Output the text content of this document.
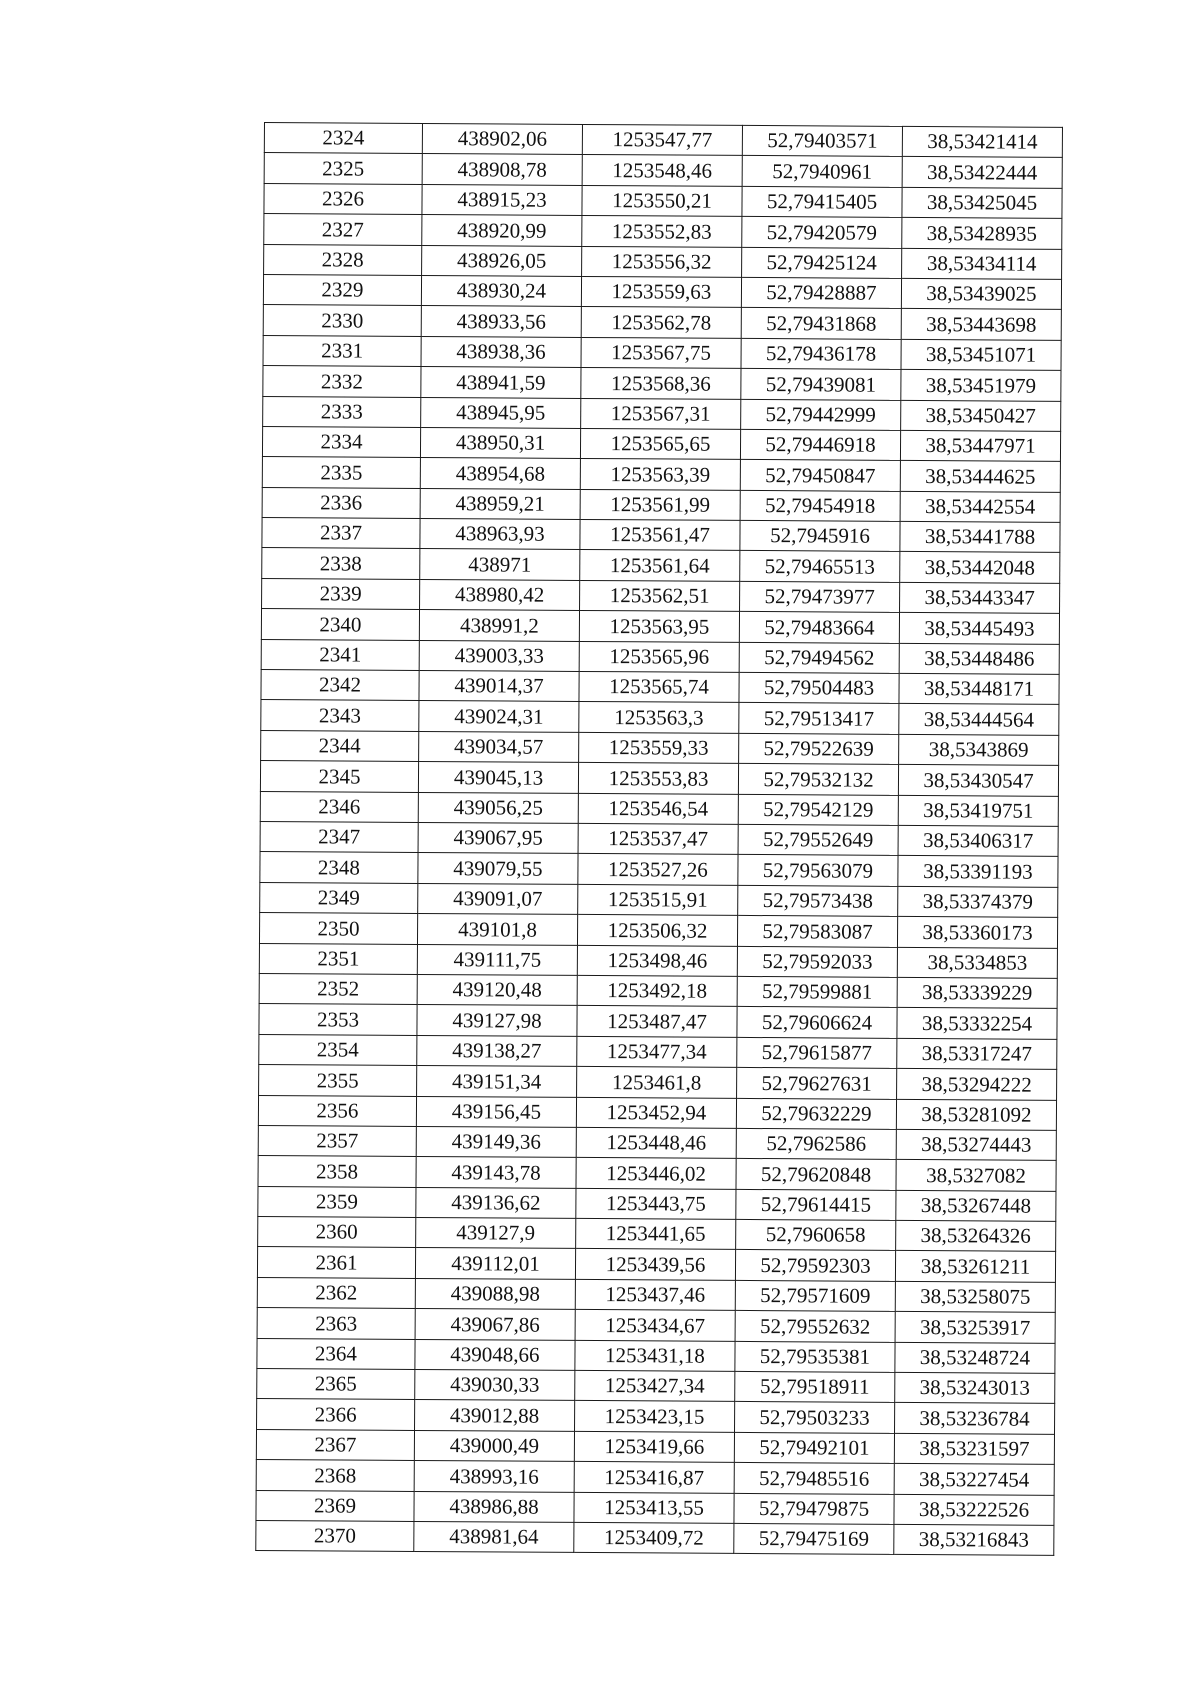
2324	438902,06	1253547,77	52,79403571	38,53421414
2325	438908,78	1253548,46	52,7940961	38,53422444
2326	438915,23	1253550,21	52,79415405	38,53425045
2327	438920,99	1253552,83	52,79420579	38,53428935
2328	438926,05	1253556,32	52,79425124	38,53434114
2329	438930,24	1253559,63	52,79428887	38,53439025
2330	438933,56	1253562,78	52,79431868	38,53443698
2331	438938,36	1253567,75	52,79436178	38,53451071
2332	438941,59	1253568,36	52,79439081	38,53451979
2333	438945,95	1253567,31	52,79442999	38,53450427
2334	438950,31	1253565,65	52,79446918	38,53447971
2335	438954,68	1253563,39	52,79450847	38,53444625
2336	438959,21	1253561,99	52,79454918	38,53442554
2337	438963,93	1253561,47	52,7945916	38,53441788
2338	438971	1253561,64	52,79465513	38,53442048
2339	438980,42	1253562,51	52,79473977	38,53443347
2340	438991,2	1253563,95	52,79483664	38,53445493
2341	439003,33	1253565,96	52,79494562	38,53448486
2342	439014,37	1253565,74	52,79504483	38,53448171
2343	439024,31	1253563,3	52,79513417	38,53444564
2344	439034,57	1253559,33	52,79522639	38,5343869
2345	439045,13	1253553,83	52,79532132	38,53430547
2346	439056,25	1253546,54	52,79542129	38,53419751
2347	439067,95	1253537,47	52,79552649	38,53406317
2348	439079,55	1253527,26	52,79563079	38,53391193
2349	439091,07	1253515,91	52,79573438	38,53374379
2350	439101,8	1253506,32	52,79583087	38,53360173
2351	439111,75	1253498,46	52,79592033	38,5334853
2352	439120,48	1253492,18	52,79599881	38,53339229
2353	439127,98	1253487,47	52,79606624	38,53332254
2354	439138,27	1253477,34	52,79615877	38,53317247
2355	439151,34	1253461,8	52,79627631	38,53294222
2356	439156,45	1253452,94	52,79632229	38,53281092
2357	439149,36	1253448,46	52,7962586	38,53274443
2358	439143,78	1253446,02	52,79620848	38,5327082
2359	439136,62	1253443,75	52,79614415	38,53267448
2360	439127,9	1253441,65	52,7960658	38,53264326
2361	439112,01	1253439,56	52,79592303	38,53261211
2362	439088,98	1253437,46	52,79571609	38,53258075
2363	439067,86	1253434,67	52,79552632	38,53253917
2364	439048,66	1253431,18	52,79535381	38,53248724
2365	439030,33	1253427,34	52,79518911	38,53243013
2366	439012,88	1253423,15	52,79503233	38,53236784
2367	439000,49	1253419,66	52,79492101	38,53231597
2368	438993,16	1253416,87	52,79485516	38,53227454
2369	438986,88	1253413,55	52,79479875	38,53222526
2370	438981,64	1253409,72	52,79475169	38,53216843
